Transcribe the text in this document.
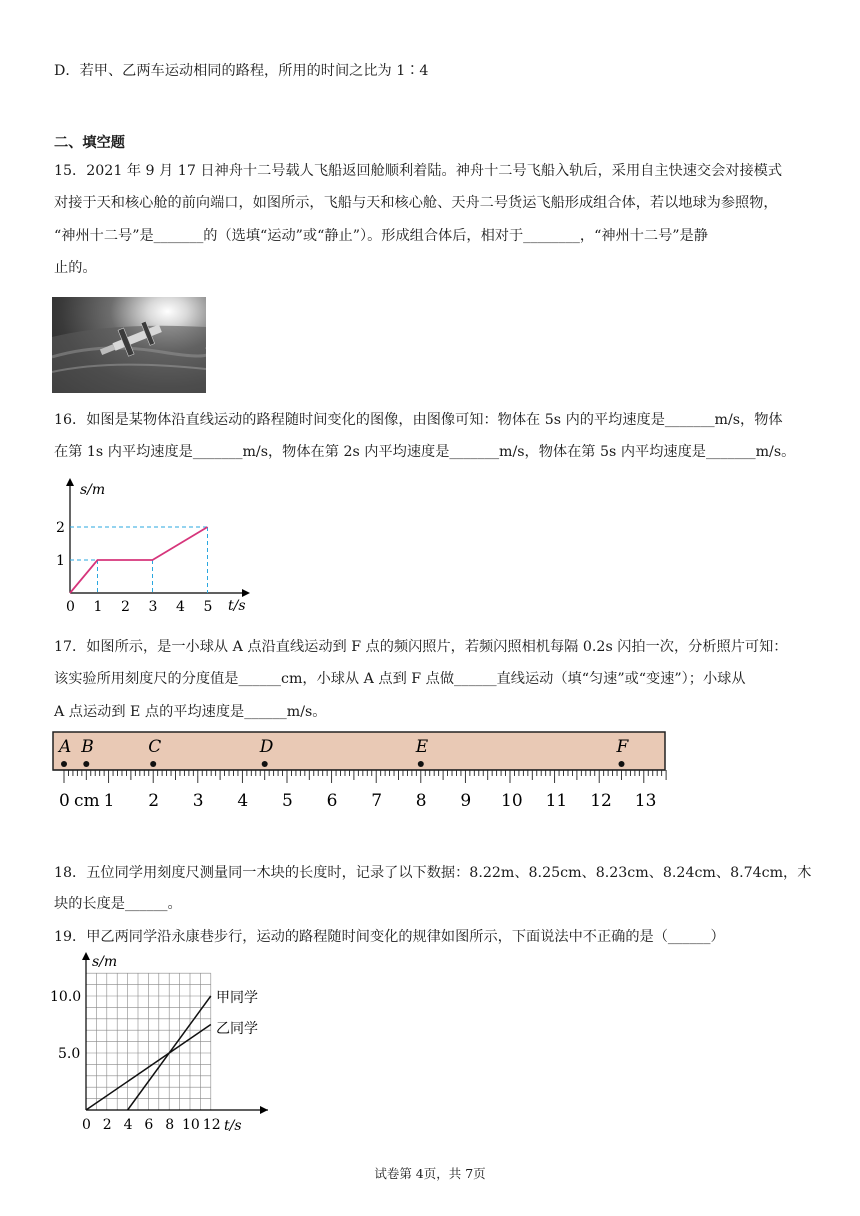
D．若甲、乙两车运动相同的路程，所用的时间之比为 1∶4
二、填空题
15．2021 年 9 月 17 日神舟十二号载人飞船返回舱顺利着陆。神舟十二号飞船入轨后，采用自主快速交会对接模式
对接于天和核心舱的前向端口，如图所示，飞船与天和核心舱、天舟二号货运飞船形成组合体，若以地球为参照物，
“神州十二号”是_______的（选填“运动”或“静止”）。形成组合体后，相对于________，“神州十二号”是静
止的。
16．如图是某物体沿直线运动的路程随时间变化的图像，由图像可知：物体在 5s 内的平均速度是_______m/s，物体
在第 1s 内平均速度是_______m/s，物体在第 2s 内平均速度是_______m/s，物体在第 5s 内平均速度是_______m/s。
s/m
t/s
0 1 2 3 4 5
1
2
17．如图所示，是一小球从 A 点沿直线运动到 F 点的频闪照片，若频闪照相机每隔 0.2s 闪拍一次，分析照片可知：
该实验所用刻度尺的分度值是______cm，小球从 A 点到 F 点做______直线运动（填“匀速”或“变速”）；小球从
A 点运动到 E 点的平均速度是______m/s。
A B	C	D	E	F
0 cm 1 2 3 4 5 6 7 8 9 10 11 12 13
18．五位同学用刻度尺测量同一木块的长度时，记录了以下数据：8.22m、8.25cm、8.23cm、8.24cm、8.74cm，木
块的长度是______。
19．甲乙两同学沿永康巷步行，运动的路程随时间变化的规律如图所示，下面说法中不正确的是（______）
s/m
t/s
0 2 4 6 8 10 12
5.0
10.0	甲同学
乙同学
试卷第 4页，共 7页
